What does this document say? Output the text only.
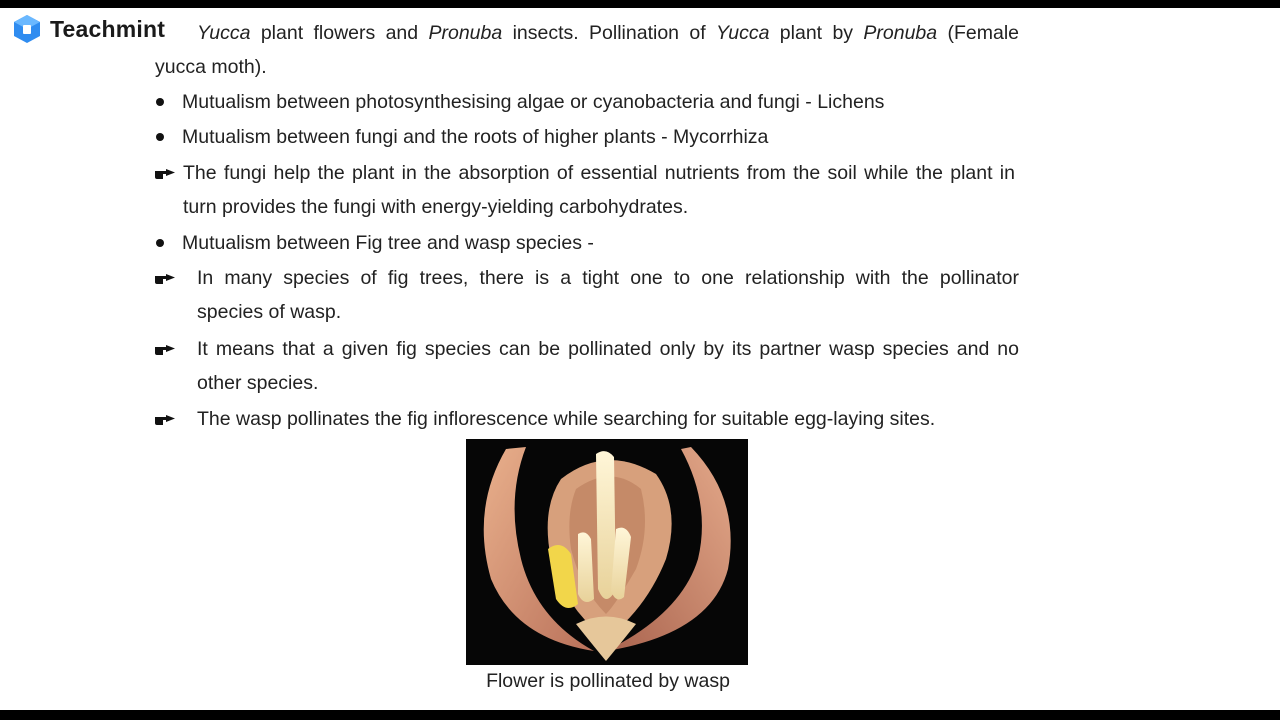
Teachmint Yucca plant flowers and Pronuba insects. Pollination of Yucca plant by Pronuba (Female
yucca moth).
Mutualism between photosynthesising algae or cyanobacteria and fungi - Lichens
Mutualism between fungi and the roots of higher plants - Mycorrhiza
The fungi help the plant in the absorption of essential nutrients from the soil while the plant in
turn provides the fungi with energy-yielding carbohydrates.
Mutualism between Fig tree and wasp species -
In many species of fig trees, there is a tight one to one relationship with the pollinator
species of wasp.
It means that a given fig species can be pollinated only by its partner wasp species and no
other species.
The wasp pollinates the fig inflorescence while searching for suitable egg-laying sites.
Flower is pollinated by wasp
